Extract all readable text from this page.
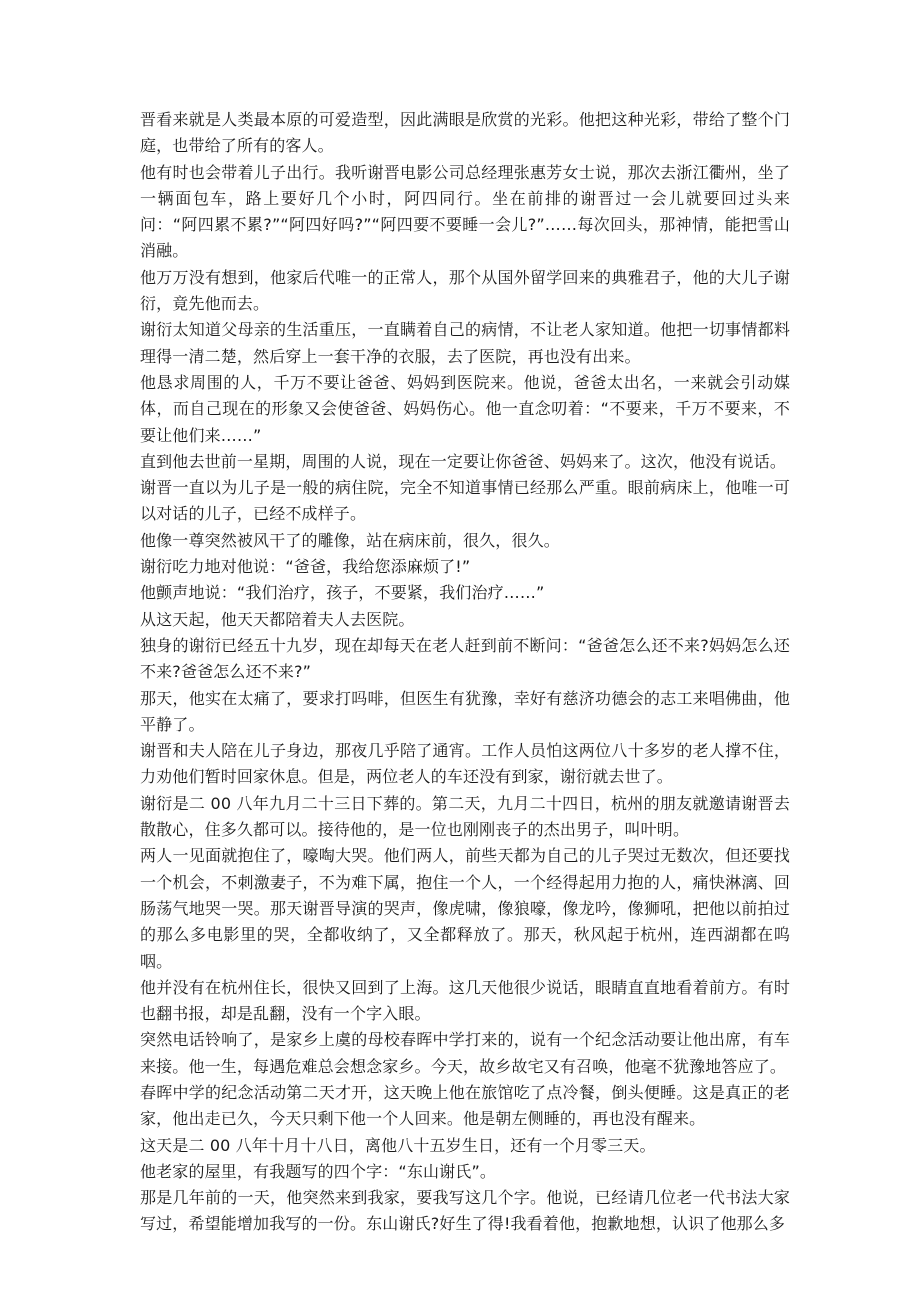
晋看来就是人类最本原的可爱造型，因此满眼是欣赏的光彩。他把这种光彩，带给了整个门庭，也带给了所有的客人。

他有时也会带着儿子出行。我听谢晋电影公司总经理张惠芳女士说，那次去浙江衢州，坐了一辆面包车，路上要好几个小时，阿四同行。坐在前排的谢晋过一会儿就要回过头来问：“阿四累不累?”“阿四好吗?”“阿四要不要睡一会儿?”……每次回头，那神情，能把雪山消融。

他万万没有想到，他家后代唯一的正常人，那个从国外留学回来的典雅君子，他的大儿子谢衍，竟先他而去。

谢衍太知道父母亲的生活重压，一直瞒着自己的病情，不让老人家知道。他把一切事情都料理得一清二楚，然后穿上一套干净的衣服，去了医院，再也没有出来。

他恳求周围的人，千万不要让爸爸、妈妈到医院来。他说，爸爸太出名，一来就会引动媒体，而自己现在的形象又会使爸爸、妈妈伤心。他一直念叨着：“不要来，千万不要来，不要让他们来……”

直到他去世前一星期，周围的人说，现在一定要让你爸爸、妈妈来了。这次，他没有说话。

谢晋一直以为儿子是一般的病住院，完全不知道事情已经那么严重。眼前病床上，他唯一可以对话的儿子，已经不成样子。

他像一尊突然被风干了的雕像，站在病床前，很久，很久。

谢衍吃力地对他说：“爸爸，我给您添麻烦了!”

他颤声地说：“我们治疗，孩子，不要紧，我们治疗……”

从这天起，他天天都陪着夫人去医院。

独身的谢衍已经五十九岁，现在却每天在老人赶到前不断问：“爸爸怎么还不来?妈妈怎么还不来?爸爸怎么还不来?”

那天，他实在太痛了，要求打吗啡，但医生有犹豫，幸好有慈济功德会的志工来唱佛曲，他平静了。

谢晋和夫人陪在儿子身边，那夜几乎陪了通宵。工作人员怕这两位八十多岁的老人撑不住，力劝他们暂时回家休息。但是，两位老人的车还没有到家，谢衍就去世了。

谢衍是二 00 八年九月二十三日下葬的。第二天，九月二十四日，杭州的朋友就邀请谢晋去散散心，住多久都可以。接待他的，是一位也刚刚丧子的杰出男子，叫叶明。

两人一见面就抱住了，嚎啕大哭。他们两人，前些天都为自己的儿子哭过无数次，但还要找一个机会，不刺激妻子，不为难下属，抱住一个人，一个经得起用力抱的人，痛快淋漓、回肠荡气地哭一哭。那天谢晋导演的哭声，像虎啸，像狼嚎，像龙吟，像狮吼，把他以前拍过的那么多电影里的哭，全都收纳了，又全都释放了。那天，秋风起于杭州，连西湖都在呜咽。

他并没有在杭州住长，很快又回到了上海。这几天他很少说话，眼睛直直地看着前方。有时也翻书报，却是乱翻，没有一个字入眼。

突然电话铃响了，是家乡上虞的母校春晖中学打来的，说有一个纪念活动要让他出席，有车来接。他一生，每遇危难总会想念家乡。今天，故乡故宅又有召唤，他毫不犹豫地答应了。

春晖中学的纪念活动第二天才开，这天晚上他在旅馆吃了点冷餐，倒头便睡。这是真正的老家，他出走已久，今天只剩下他一个人回来。他是朝左侧睡的，再也没有醒来。

这天是二 00 八年十月十八日，离他八十五岁生日，还有一个月零三天。

他老家的屋里，有我题写的四个字：“东山谢氏”。

那是几年前的一天，他突然来到我家，要我写这几个字。他说，已经请几位老一代书法大家写过，希望能增加我写的一份。东山谢氏?好生了得!我看着他，抱歉地想，认识了他那么多
